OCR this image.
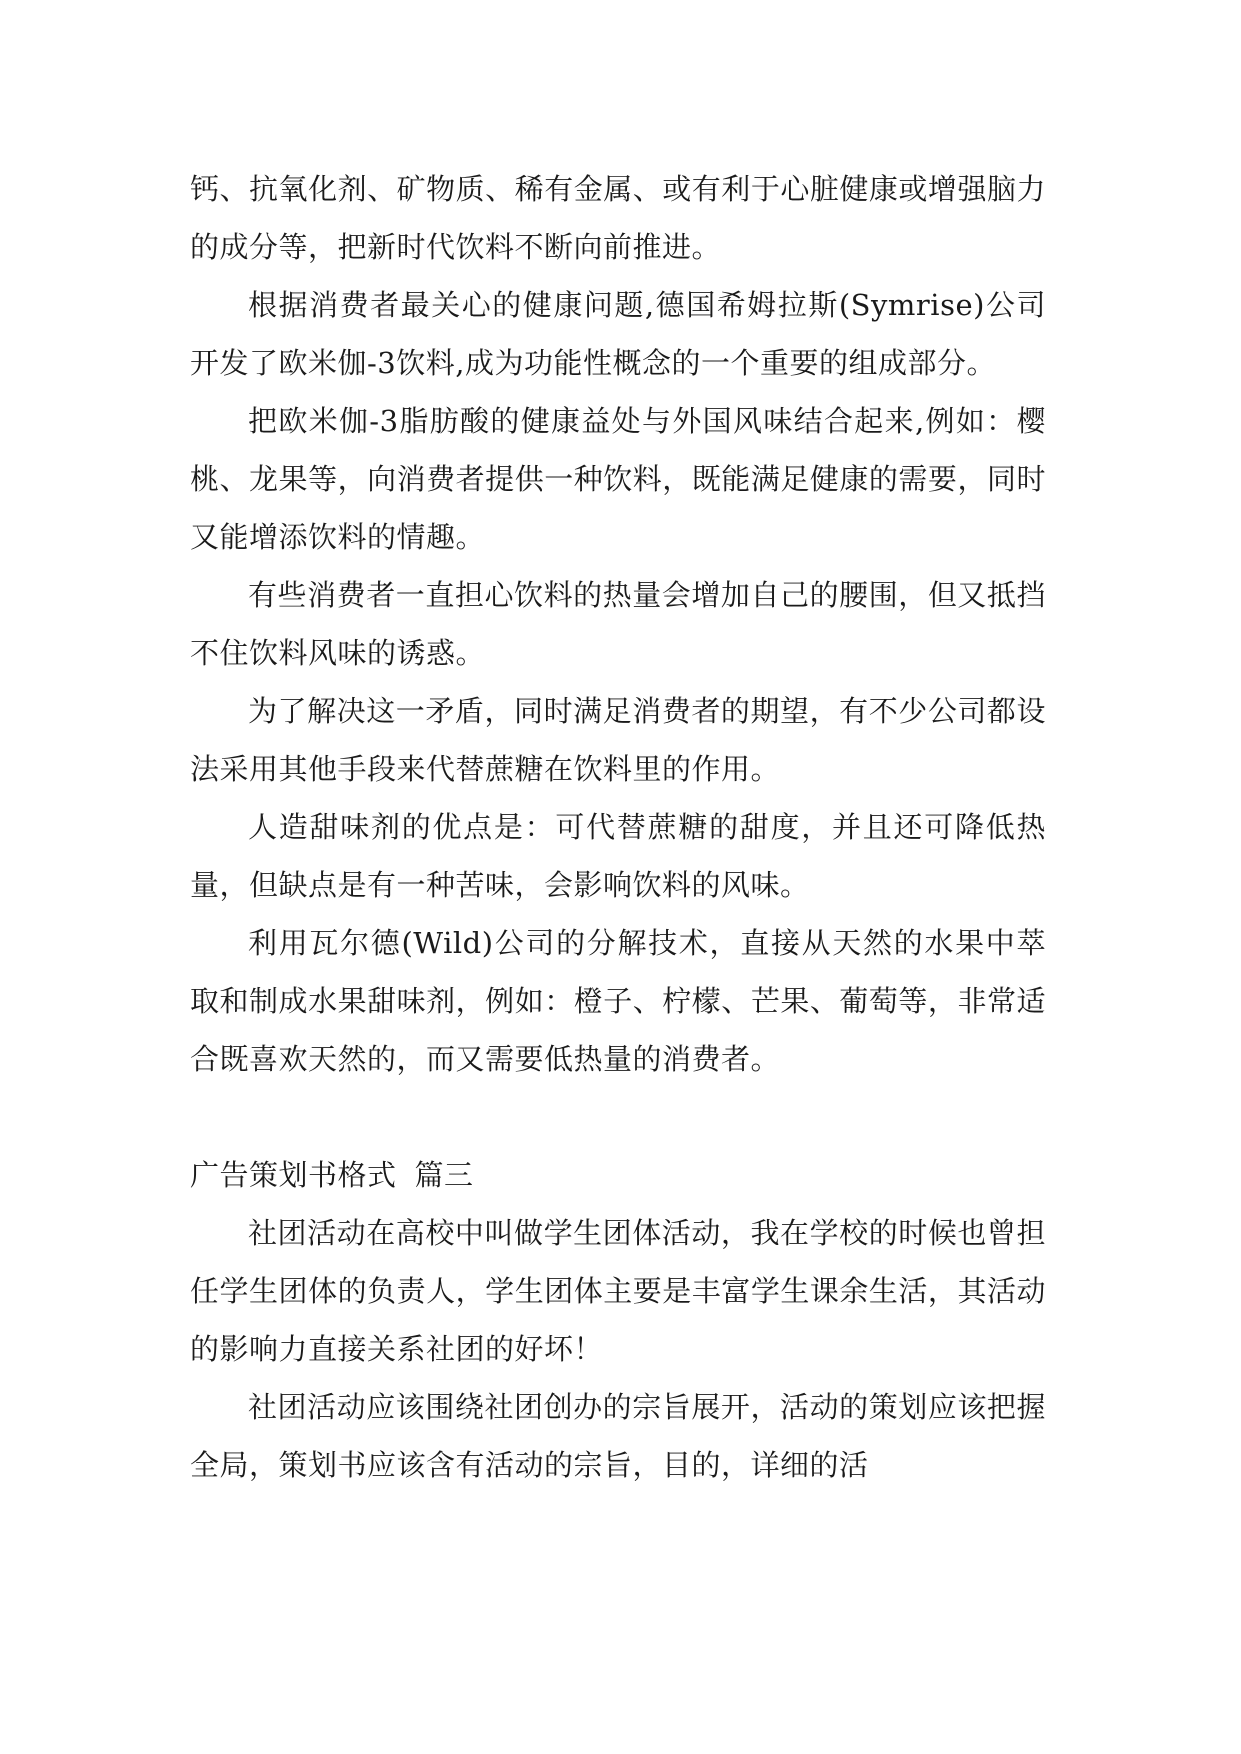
钙、抗氧化剂、矿物质、稀有金属、或有利于心脏健康或增强脑力的成分等，把新时代饮料不断向前推进。

根据消费者最关心的健康问题,德国希姆拉斯(Symrise)公司开发了欧米伽-3饮料,成为功能性概念的一个重要的组成部分。

把欧米伽-3脂肪酸的健康益处与外国风味结合起来,例如：樱桃、龙果等，向消费者提供一种饮料，既能满足健康的需要，同时又能增添饮料的情趣。

有些消费者一直担心饮料的热量会增加自己的腰围，但又抵挡不住饮料风味的诱惑。

为了解决这一矛盾，同时满足消费者的期望，有不少公司都设法采用其他手段来代替蔗糖在饮料里的作用。

人造甜味剂的优点是：可代替蔗糖的甜度，并且还可降低热量，但缺点是有一种苦味，会影响饮料的风味。

利用瓦尔德(Wild)公司的分解技术，直接从天然的水果中萃取和制成水果甜味剂，例如：橙子、柠檬、芒果、葡萄等，非常适合既喜欢天然的，而又需要低热量的消费者。

广告策划书格式 篇三

社团活动在高校中叫做学生团体活动，我在学校的时候也曾担任学生团体的负责人，学生团体主要是丰富学生课余生活，其活动的影响力直接关系社团的好坏！

社团活动应该围绕社团创办的宗旨展开，活动的策划应该把握全局，策划书应该含有活动的宗旨，目的，详细的活
